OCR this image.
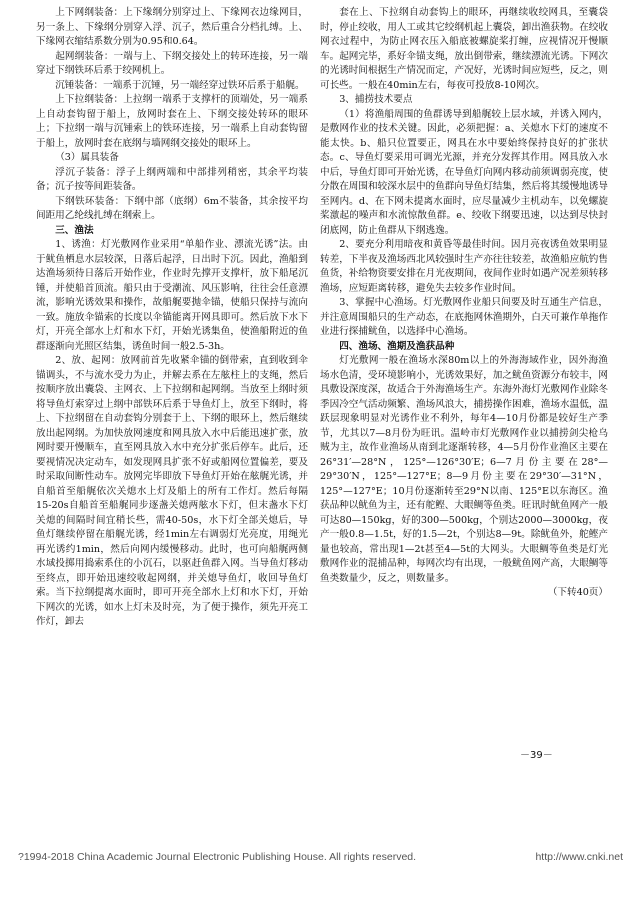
上下网纲装备：上下缘纲分别穿过上、下缘网衣边缘网目，另一条上、下缘纲分别穿入浮、沉子，然后重合分档扎缚。上、下缘网衣缩结系数分别为0.95和0.64。

起网纲装备：一端与上、下纲交接处上的转环连接，另一端穿过下纲铁环后系于绞网机上。

沉锤装备：一端系于沉锤，另一端经穿过铁环后系于船艉。

上下拉纲装备：上拉纲一端系于支撑杆的顶端处，另一端系上自动套钩留于船上，放网时套在上、下纲交接处转环的眼环上；下拉纲一端与沉锤索上的铁环连接，另一端系上自动套钩留于船上，放网时套在底纲与墙网纲交接处的眼环上。

（3）属具装备

浮沉子装备：浮子上纲两端和中部排列稍密，其余平均装备；沉子按等间距装备。

下纲铁环装备：下纲中部（底纲）6m不装备，其余按平均间距用乙纶线扎缚在纲索上。

三、渔法

1、诱渔：灯光敷网作业采用“单船作业、漂流光诱”法。由于鱿鱼栖息水层较深，日落后起浮，日出时下沉。因此，渔船到达渔场须待日落后开始作业，作业时先撑开支撑杆，放下船尾沉锤，并使船首顶流。船只由于受潮流、风压影响，往往会任意漂流，影响光诱效果和操作，故船艉要抛伞锚，使船只保持与流向一致。施放伞锚索的长度以伞锚能离开网具即可。然后放下水下灯，开亮全部水上灯和水下灯，开始光诱集鱼，使渔船附近的鱼群逐渐向光照区结集，诱鱼时间一般2.5-3h。

2、放、起网：放网前首先收紧伞锚的倒带索，直到收到伞锚调头，不与流水受力为止，并解去系在左舷柱上的支绳，然后按顺序放出囊袋、主网衣、上下拉纲和起网纲。当放至上纲时须将导鱼灯索穿过上纲中部铁环后系于导鱼灯上，放至下纲时，将上、下拉纲留在自动套钩分别套于上、下纲的眼环上，然后继续放出起网纲。为加快放网速度和网具放入水中后能迅速扩张，放网时要开慢顺车，直至网具放入水中充分扩张后停车。此后，还要视情况决定动车，如发现网具扩张不好或船网位置偏差，要及时采取间断性动车。放网完毕即放下导鱼灯开始在舷艉光诱，并自船首至船艉依次关熄水上灯及船上的所有工作灯。然后每隔15-20s自船首至船艉同步逐盏关熄两舷水下灯，但末盏水下灯关熄的间隔时间宜稍长些，需40-50s，水下灯全部关熄后，导鱼灯继续停留在船艉光诱，经1min左右调弱灯光亮度，用绳光再光诱约1min，然后向网内缓慢移动。此时，也可向船艉两侧水域投掷用捣索系住的小沉石，以驱赶鱼群入网。当导鱼灯移动至终点，即开始迅速绞收起网纲，并关熄导鱼灯，收回导鱼灯索。当下拉纲提离水面时，即可开亮全部水上灯和水下灯，开始下网次的光诱，如水上灯未及时亮，为了便于操作，须先开亮工作灯，卸去

套在上、下拉纲自动套钩上的眼环，再继续收绞网具，至囊袋时，停止绞收，用人工或其它绞纲机起上囊袋，卸出渔获物。在绞收网衣过程中，为防止网衣压入船底被螺旋桨打缠，应视情况开慢顺车。起网完毕，系好伞锚支绳，放出倒带索，继续漂流光诱。下网次的光诱时间根据生产情况而定，产况好，光诱时间应短些，反之，则可长些。一般在40min左右，每夜可投放8-10网次。

3、捕捞技术要点

（1）将渔船周围的鱼群诱导到船艉较上层水域，并诱入网内，是敷网作业的技术关键。因此，必须把握：a、关熄水下灯的速度不能太快。b、船只位置要正，网具在水中要始终保持良好的扩张状态。c、导鱼灯要采用可调光光源，并充分发挥其作用。网具放入水中后，导鱼灯即可开始光诱，在导鱼灯向网内移动前须调弱亮度，使分散在周围和较深水层中的鱼群向导鱼灯结集，然后将其缓慢地诱导至网内。d、在下网未提离水面时，应尽量减少主机动车，以免螺旋桨激起的噪声和水流惊散鱼群。e、绞收下纲要迅速，以达到尽快封闭底网，防止鱼群从下纲逃逸。

2、要充分利用暗夜和黄昏等最佳时间。因月亮夜诱鱼效果明显转差，下半夜及渔场西北风较强时生产亦往往较差，故渔船应航钓售鱼货，补给物资要安排在月光夜期间，夜间作业时如遇产况差须转移渔场，应短距离转移，避免失去较多作业时间。

3、掌握中心渔场。灯光敷网作业船只间要及时互通生产信息，并注意周围船只的生产动态，在底拖网休渔期外，白天可兼作单拖作业进行探捕鱿鱼，以选择中心渔场。

四、渔场、渔期及渔获品种

灯光敷网一般在渔场水深80m以上的外海海域作业，因外海渔场水色清，受环境影响小，光诱效果好，加之鱿鱼资源分布较丰，网具敷设深度深，故适合于外海渔场生产。东海外海灯光敷网作业除冬季因冷空气活动频繁、渔场风浪大，捕捞操作困难，渔场水温低，温跃层现象明显对光诱作业不利外，每年4—10月份都是较好生产季节，尤其以7—8月份为旺讯。温岭市灯光敷网作业以捕捞剑尖枪乌贼为主，故作业渔场从南到北逐渐转移，4—5月份作业渔区主要在26°31′—28°N，125°—126°30′E；6—7月份主要在28°—29°30′N，125°—127°E；8—9月份主要在29°30′—31°N，125°—127°E；10月份逐渐转至29°N以南、125°E以东海区。渔获品种以鱿鱼为主，还有舵鲣、大眼鲷等鱼类。旺讯时鱿鱼网产一般可达80—150kg，好的300—500kg，个别达2000—3000kg，夜产一般0.8—1.5t，好的1.5—2t，个别达8—9t。除鱿鱼外，舵鲣产量也较高，常出现1—2t甚至4—5t的大网头。大眼鲷等鱼类是灯光敷网作业的混捕品种，每网次均有出现，一般鱿鱼网产高，大眼鲷等鱼类数量少，反之，则数量多。

（下转40页）

－39－
?1994-2018 China Academic Journal Electronic Publishing House. All rights reserved.	http://www.cnki.net
